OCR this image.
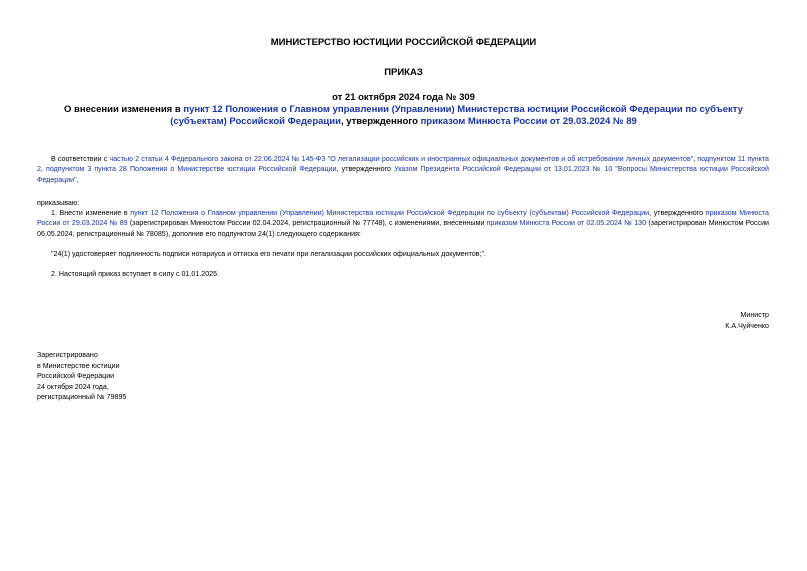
МИНИСТЕРСТВО ЮСТИЦИИ РОССИЙСКОЙ ФЕДЕРАЦИИ
ПРИКАЗ
от 21 октября 2024 года № 309
О внесении изменения в пункт 12 Положения о Главном управлении (Управлении) Министерства юстиции Российской Федерации по субъекту (субъектам) Российской Федерации, утвержденного приказом Минюста России от 29.03.2024 № 89
В соответствии с частью 2 статьи 4 Федерального закона от 22.06.2024 № 145-ФЗ "О легализации российских и иностранных официальных документов и об истребовании личных документов", подпунктом 11 пункта 2, подпунктом 3 пункта 28 Положения о Министерстве юстиции Российской Федерации, утвержденного Указом Президента Российской Федерации от 13.01.2023 № 10 "Вопросы Министерства юстиции Российской Федерации",
приказываю:
1. Внести изменение в пункт 12 Положения о Главном управлении (Управлении) Министерства юстиции Российской Федерации по субъекту (субъектам) Российской Федерации, утвержденного приказом Минюста России от 29.03.2024 № 89 (зарегистрирован Минюстом России 02.04.2024, регистрационный № 77748), с изменениями, внесенными приказом Минюста России от 02.05.2024 № 130 (зарегистрирован Минюстом России 06.05.2024, регистрационный № 78085), дополнив его подпунктом 24(1) следующего содержания:
"24(1) удостоверяет подлинность подписи нотариуса и оттиска его печати при легализации российских официальных документов;".
2. Настоящий приказ вступает в силу с 01.01.2025.
Министр
К.А.Чуйченко
Зарегистрировано
в Министерстве юстиции
Российской Федерации
24 октября 2024 года,
регистрационный № 79895
